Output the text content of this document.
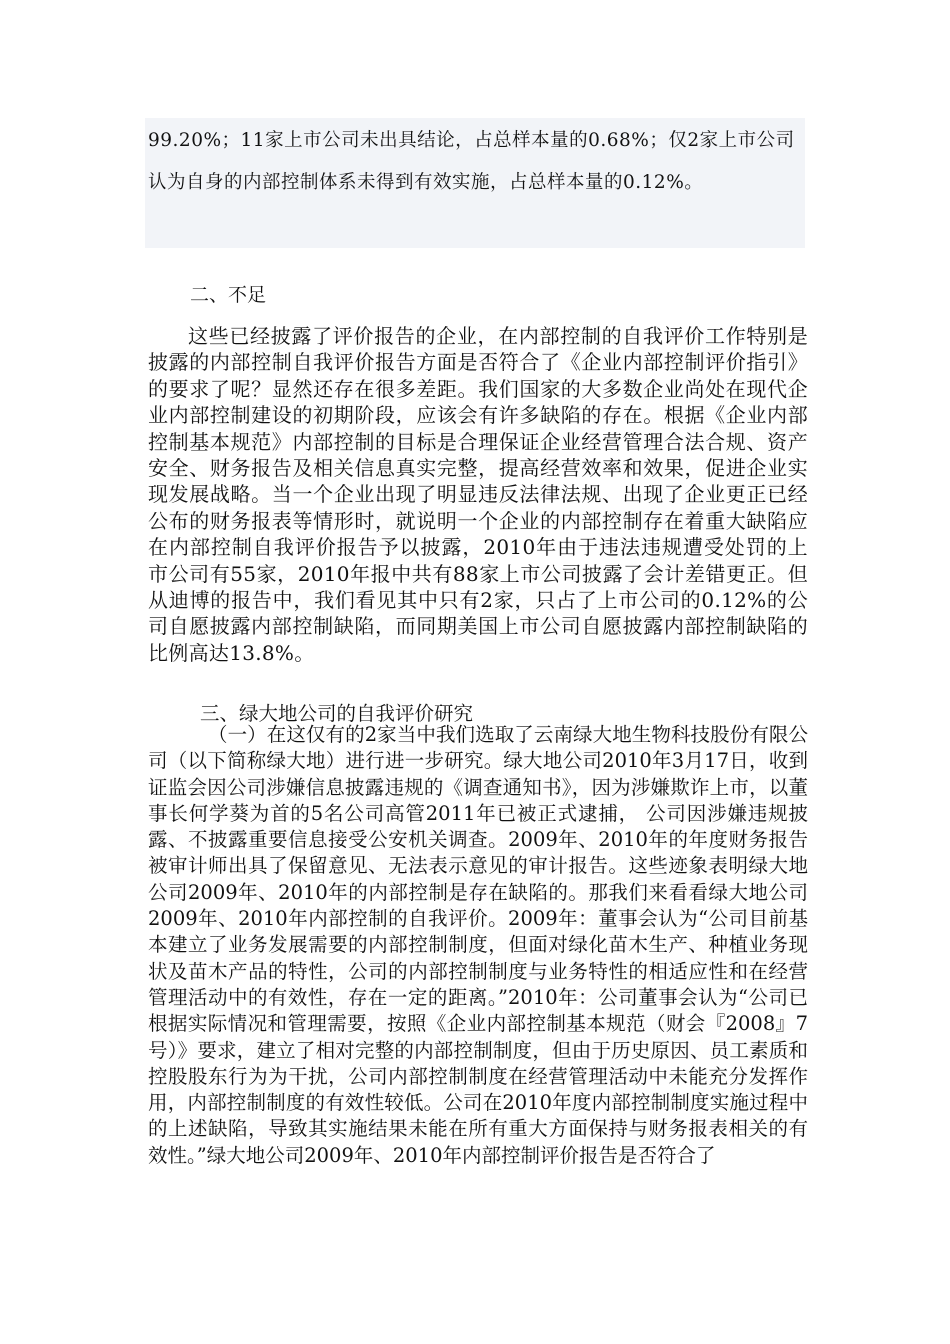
99.20%；11家上市公司未出具结论，占总样本量的0.68%；仅2家上市公司认为自身的内部控制体系未得到有效实施，占总样本量的0.12%。
二、不足
这些已经披露了评价报告的企业，在内部控制的自我评价工作特别是披露的内部控制自我评价报告方面是否符合了《企业内部控制评价指引》的要求了呢？显然还存在很多差距。我们国家的大多数企业尚处在现代企业内部控制建设的初期阶段，应该会有许多缺陷的存在。根据《企业内部控制基本规范》内部控制的目标是合理保证企业经营管理合法合规、资产安全、财务报告及相关信息真实完整，提高经营效率和效果，促进企业实现发展战略。当一个企业出现了明显违反法律法规、出现了企业更正已经公布的财务报表等情形时，就说明一个企业的内部控制存在着重大缺陷应在内部控制自我评价报告予以披露，2010年由于违法违规遭受处罚的上市公司有55家，2010年报中共有88家上市公司披露了会计差错更正。但从迪博的报告中，我们看见其中只有2家，只占了上市公司的0.12%的公司自愿披露内部控制缺陷，而同期美国上市公司自愿披露内部控制缺陷的比例高达13.8%。
三、绿大地公司的自我评价研究
（一）在这仅有的2家当中我们选取了云南绿大地生物科技股份有限公司（以下简称绿大地）进行进一步研究。绿大地公司2010年3月17日，收到证监会因公司涉嫌信息披露违规的《调查通知书》，因为涉嫌欺诈上市，以董事长何学葵为首的5名公司高管2011年已被正式逮捕， 公司因涉嫌违规披露、不披露重要信息接受公安机关调查。2009年、2010年的年度财务报告被审计师出具了保留意见、无法表示意见的审计报告。这些迹象表明绿大地公司2009年、2010年的内部控制是存在缺陷的。那我们来看看绿大地公司2009年、2010年内部控制的自我评价。2009年：董事会认为“公司目前基本建立了业务发展需要的内部控制制度，但面对绿化苗木生产、种植业务现状及苗木产品的特性，公司的内部控制制度与业务特性的相适应性和在经营管理活动中的有效性，存在一定的距离。”2010年：公司董事会认为“公司已根据实际情况和管理需要，按照《企业内部控制基本规范（财会『2008』7号）》要求，建立了相对完整的内部控制制度，但由于历史原因、员工素质和控股股东行为为干扰，公司内部控制制度在经营管理活动中未能充分发挥作用，内部控制制度的有效性较低。公司在2010年度内部控制制度实施过程中的上述缺陷，导致其实施结果未能在所有重大方面保持与财务报表相关的有效性。”绿大地公司2009年、2010年内部控制评价报告是否符合了
